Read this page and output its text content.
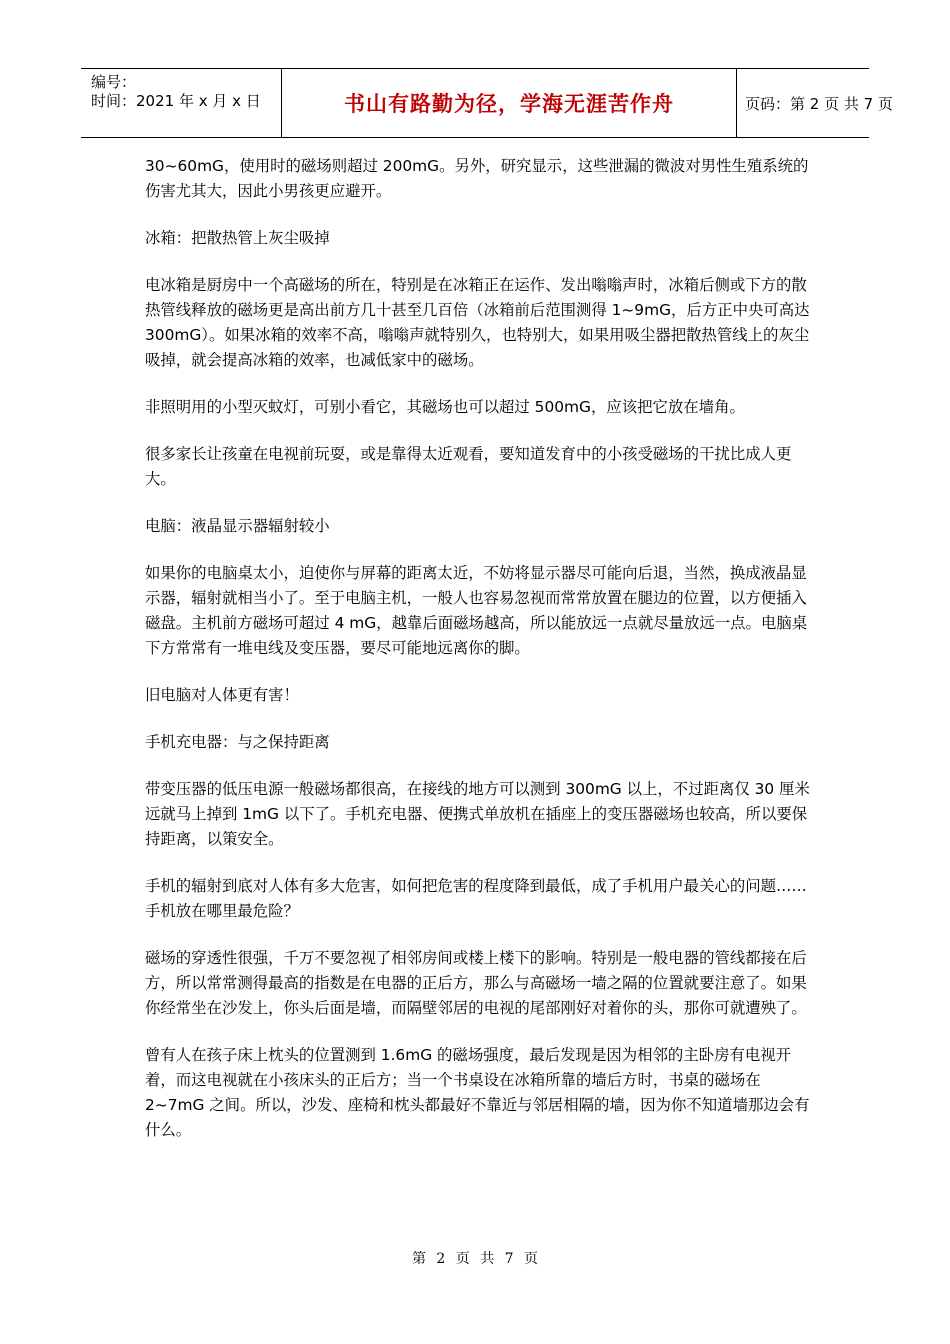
编号：
时间：2021 年 x 月 x 日	书山有路勤为径，学海无涯苦作舟	页码：第 2 页 共 7 页

30~60mG，使用时的磁场则超过 200mG。另外，研究显示，这些泄漏的微波对男性生殖系统的伤害尤其大，因此小男孩更应避开。

冰箱：把散热管上灰尘吸掉

电冰箱是厨房中一个高磁场的所在，特别是在冰箱正在运作、发出嗡嗡声时，冰箱后侧或下方的散热管线释放的磁场更是高出前方几十甚至几百倍（冰箱前后范围测得 1~9mG，后方正中央可高达 300mG）。如果冰箱的效率不高，嗡嗡声就特别久，也特别大，如果用吸尘器把散热管线上的灰尘吸掉，就会提高冰箱的效率，也减低家中的磁场。

非照明用的小型灭蚊灯，可别小看它，其磁场也可以超过 500mG，应该把它放在墙角。

很多家长让孩童在电视前玩耍，或是靠得太近观看，要知道发育中的小孩受磁场的干扰比成人更大。

电脑：液晶显示器辐射较小

如果你的电脑桌太小，迫使你与屏幕的距离太近，不妨将显示器尽可能向后退，当然，换成液晶显示器，辐射就相当小了。至于电脑主机，一般人也容易忽视而常常放置在腿边的位置，以方便插入磁盘。主机前方磁场可超过 4 mG，越靠后面磁场越高，所以能放远一点就尽量放远一点。电脑桌下方常常有一堆电线及变压器，要尽可能地远离你的脚。

旧电脑对人体更有害！

手机充电器：与之保持距离

带变压器的低压电源一般磁场都很高，在接线的地方可以测到 300mG 以上，不过距离仅 30 厘米远就马上掉到 1mG 以下了。手机充电器、便携式单放机在插座上的变压器磁场也较高，所以要保持距离，以策安全。

手机的辐射到底对人体有多大危害，如何把危害的程度降到最低，成了手机用户最关心的问题……手机放在哪里最危险？

磁场的穿透性很强，千万不要忽视了相邻房间或楼上楼下的影响。特别是一般电器的管线都接在后方，所以常常测得最高的指数是在电器的正后方，那么与高磁场一墙之隔的位置就要注意了。如果你经常坐在沙发上，你头后面是墙，而隔壁邻居的电视的尾部刚好对着你的头，那你可就遭殃了。

曾有人在孩子床上枕头的位置测到 1.6mG 的磁场强度，最后发现是因为相邻的主卧房有电视开着，而这电视就在小孩床头的正后方；当一个书桌设在冰箱所靠的墙后方时，书桌的磁场在 2~7mG 之间。所以，沙发、座椅和枕头都最好不靠近与邻居相隔的墙，因为你不知道墙那边会有什么。

第 2 页 共 7 页
